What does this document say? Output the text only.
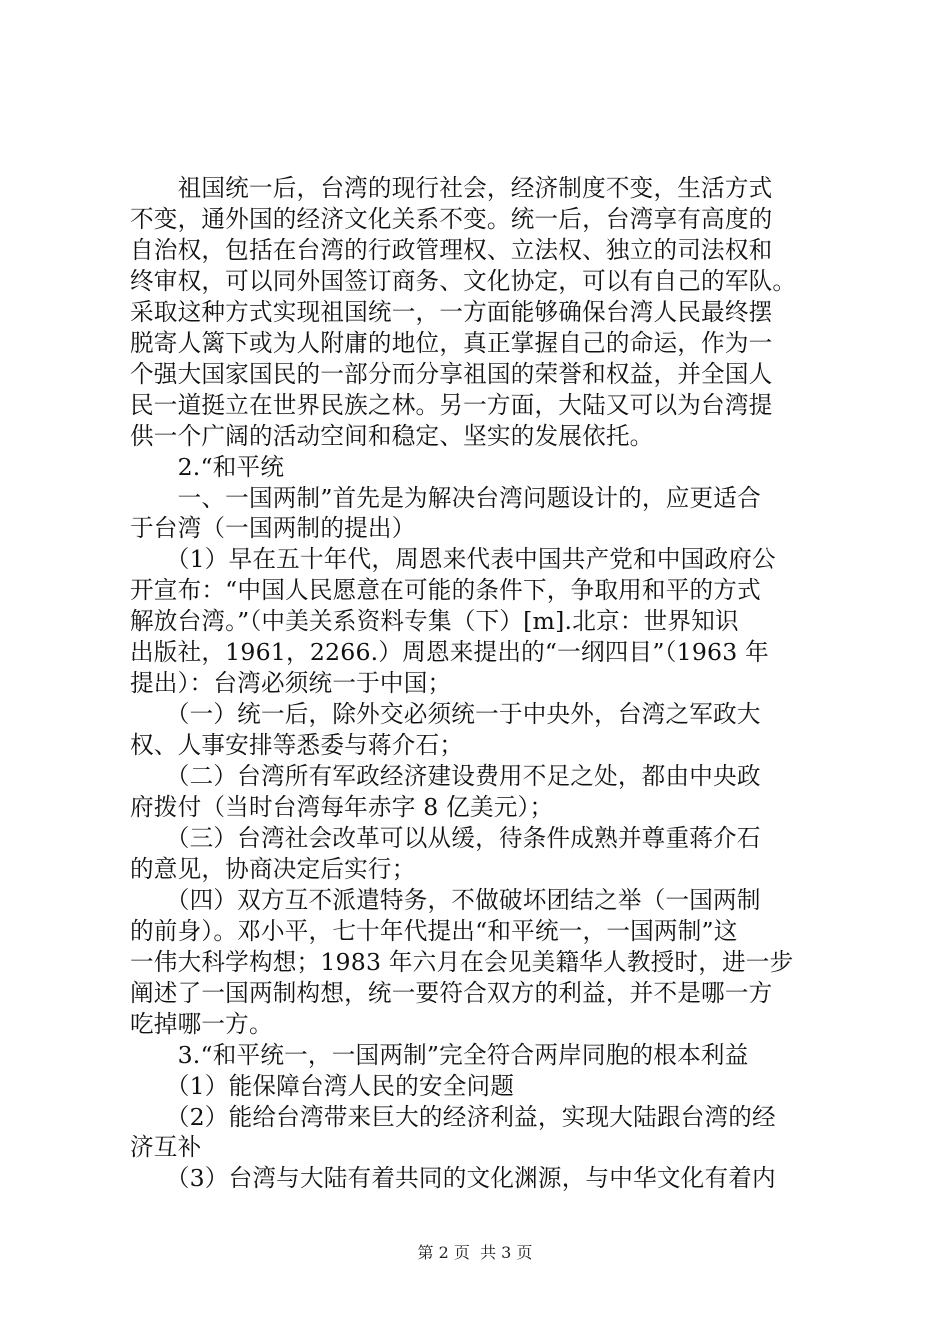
　　祖国统一后，台湾的现行社会，经济制度不变，生活方式
不变，通外国的经济文化关系不变。统一后，台湾享有高度的
自治权，包括在台湾的行政管理权、立法权、独立的司法权和
终审权，可以同外国签订商务、文化协定，可以有自己的军队。
采取这种方式实现祖国统一，一方面能够确保台湾人民最终摆
脱寄人篱下或为人附庸的地位，真正掌握自己的命运，作为一
个强大国家国民的一部分而分享祖国的荣誉和权益，并全国人
民一道挺立在世界民族之林。另一方面，大陆又可以为台湾提
供一个广阔的活动空间和稳定、坚实的发展依托。
　　2.“和平统
　　一、一国两制”首先是为解决台湾问题设计的，应更适合
于台湾（一国两制的提出）
　　（1）早在五十年代，周恩来代表中国共产党和中国政府公
开宣布：“中国人民愿意在可能的条件下，争取用和平的方式
解放台湾。”（中美关系资料专集（下）[m].北京：世界知识
出版社，1961，2266.）周恩来提出的“一纲四目”（1963 年
提出）：台湾必须统一于中国；
　　（一）统一后，除外交必须统一于中央外，台湾之军政大
权、人事安排等悉委与蒋介石；
　　（二）台湾所有军政经济建设费用不足之处，都由中央政
府拨付（当时台湾每年赤字 8 亿美元）；
　　（三）台湾社会改革可以从缓，待条件成熟并尊重蒋介石
的意见，协商决定后实行；
　　（四）双方互不派遣特务，不做破坏团结之举（一国两制
的前身）。邓小平，七十年代提出“和平统一，一国两制”这
一伟大科学构想；1983 年六月在会见美籍华人教授时，进一步
阐述了一国两制构想，统一要符合双方的利益，并不是哪一方
吃掉哪一方。
　　3.“和平统一，一国两制”完全符合两岸同胞的根本利益
　　（1）能保障台湾人民的安全问题
　　（2）能给台湾带来巨大的经济利益，实现大陆跟台湾的经
济互补
　　（3）台湾与大陆有着共同的文化渊源，与中华文化有着内
第 2 页  共 3 页
